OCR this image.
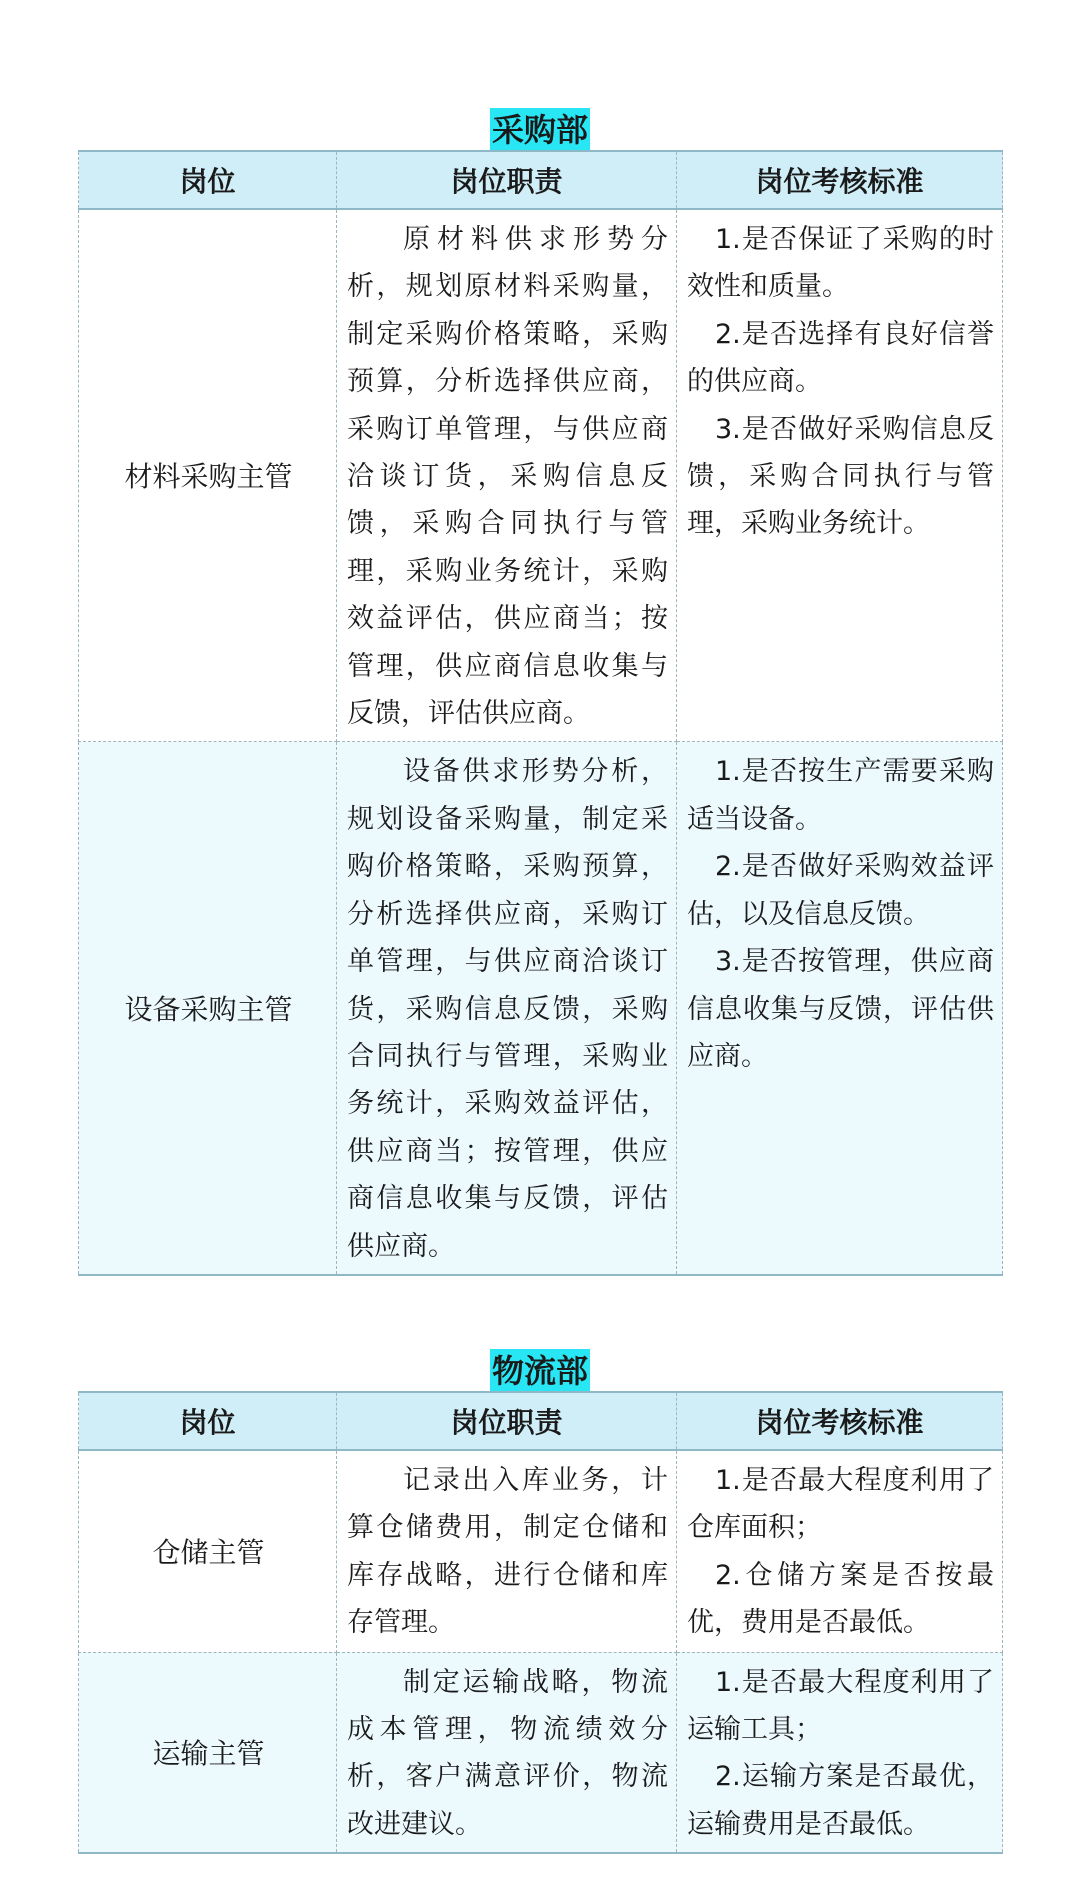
采购部
岗位	岗位职责	岗位考核标准
材料采购主管	原材料供求形势分析，规划原材料采购量，制定采购价格策略，采购预算，分析选择供应商，采购订单管理，与供应商洽谈订货，采购信息反馈，采购合同执行与管理，采购业务统计，采购效益评估，供应商当；按管理，供应商信息收集与反馈，评估供应商。	1.是否保证了采购的时效性和质量。
2.是否选择有良好信誉的供应商。
3.是否做好采购信息反馈，采购合同执行与管理，采购业务统计。

设备采购主管	设备供求形势分析，规划设备采购量，制定采购价格策略，采购预算，分析选择供应商，采购订单管理，与供应商洽谈订货，采购信息反馈，采购合同执行与管理，采购业务统计，采购效益评估，供应商当；按管理，供应商信息收集与反馈，评估供应商。	1.是否按生产需要采购适当设备。
2.是否做好采购效益评估，以及信息反馈。
3.是否按管理，供应商信息收集与反馈，评估供应商。
物流部
岗位	岗位职责	岗位考核标准
仓储主管	记录出入库业务，计算仓储费用，制定仓储和库存战略，进行仓储和库存管理。	1.是否最大程度利用了仓库面积；
2.仓储方案是否按最优，费用是否最低。

运输主管	制定运输战略，物流成本管理，物流绩效分析，客户满意评价，物流改进建议。	1.是否最大程度利用了运输工具；
2.运输方案是否最优，运输费用是否最低。
